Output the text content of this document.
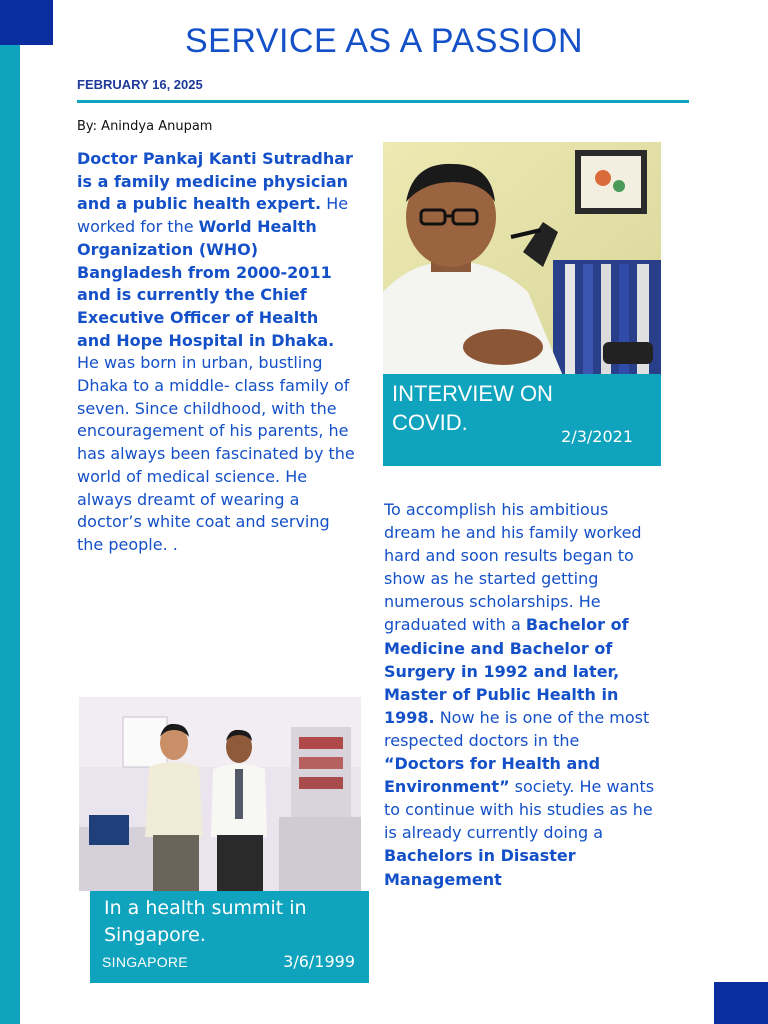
SERVICE AS A PASSION
FEBRUARY 16, 2025
By: Anindya Anupam

Doctor Pankaj Kanti Sutradhar is a family medicine physician and a public health expert. He worked for the World Health Organization (WHO) Bangladesh from 2000-2011 and is currently the Chief Executive Officer of Health and Hope Hospital in Dhaka. He was born in urban, bustling Dhaka to a middle- class family of seven. Since childhood, with the encouragement of his parents, he has always been fascinated by the world of medical science. He always dreamt of wearing a doctor’s white coat and serving the people. .

INTERVIEW ON COVID.
2/3/2021
In a health summit in Singapore.
SINGAPORE	3/6/1999

To accomplish his ambitious dream he and his family worked hard and soon results began to show as he started getting numerous scholarships. He graduated with a Bachelor of Medicine and Bachelor of Surgery in 1992 and later, Master of Public Health in 1998. Now he is one of the most respected doctors in the “Doctors for Health and Environment” society. He wants to continue with his studies as he is already currently doing a Bachelors in Disaster Management
